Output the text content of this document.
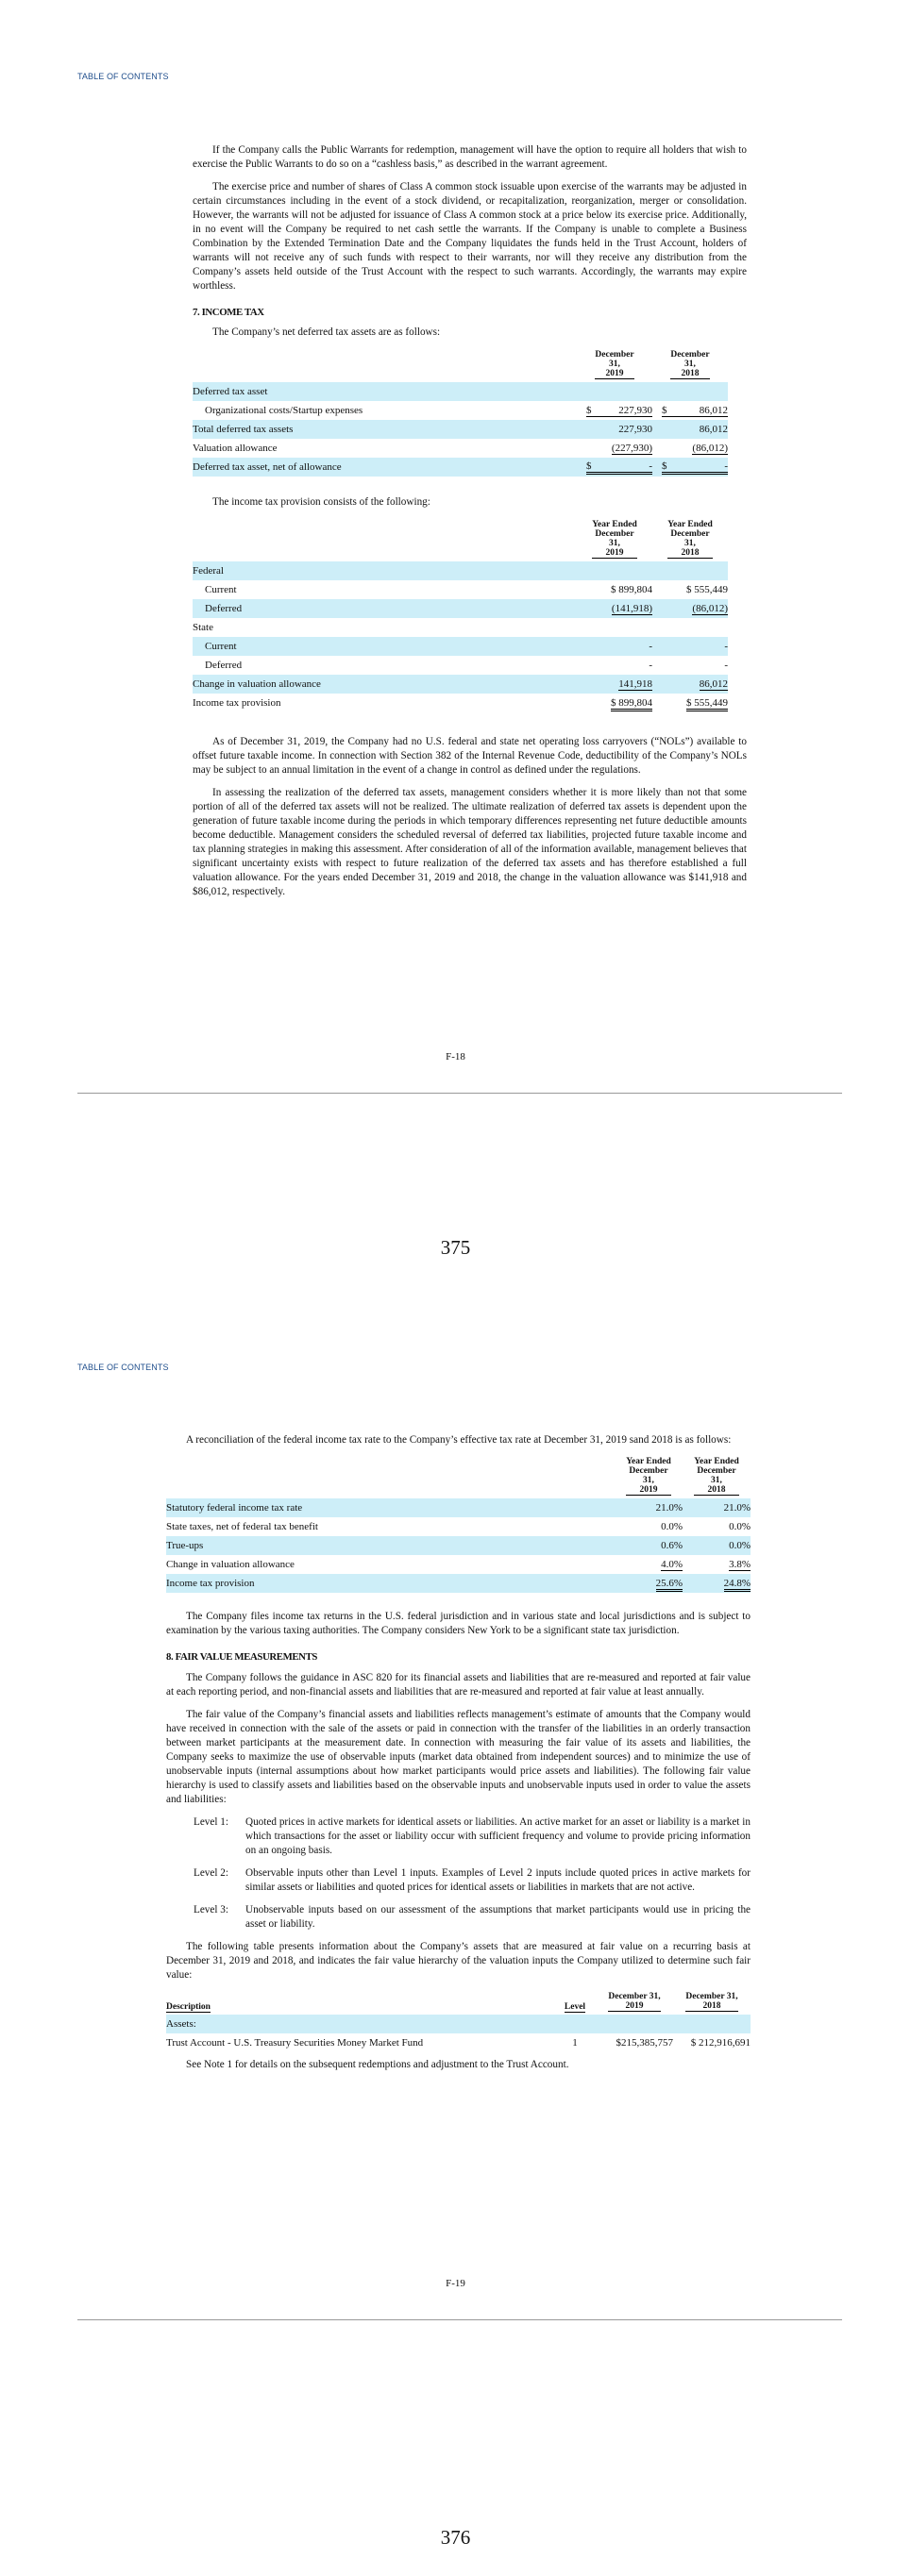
TABLE OF CONTENTS

If the Company calls the Public Warrants for redemption, management will have the option to require all holders that wish to exercise the Public Warrants to do so on a “cashless basis,” as described in the warrant agreement.

The exercise price and number of shares of Class A common stock issuable upon exercise of the warrants may be adjusted in certain circumstances including in the event of a stock dividend, or recapitalization, reorganization, merger or consolidation. However, the warrants will not be adjusted for issuance of Class A common stock at a price below its exercise price. Additionally, in no event will the Company be required to net cash settle the warrants. If the Company is unable to complete a Business Combination by the Extended Termination Date and the Company liquidates the funds held in the Trust Account, holders of warrants will not receive any of such funds with respect to their warrants, nor will they receive any distribution from the Company’s assets held outside of the Trust Account with the respect to such warrants. Accordingly, the warrants may expire worthless.

7. INCOME TAX

The Company’s net deferred tax assets are as follows:

	December
31,
2019	December
31,
2018
Deferred tax asset		
Organizational costs/Startup expenses	$ 227,930	$ 86,012

Total deferred tax assets	227,930	86,012
Valuation allowance	(227,930)	(86,012)
Deferred tax asset, net of allowance	$ -	$ -

The income tax provision consists of the following:

	Year Ended
December
31,
2019	Year Ended
December
31,
2018
Federal		
Current	$ 899,804	$ 555,449
Deferred	(141,918)	(86,012)
State		
Current	-	-
Deferred	-	-
Change in valuation allowance	141,918	86,012
Income tax provision	$ 899,804	$ 555,449

As of December 31, 2019, the Company had no U.S. federal and state net operating loss carryovers (“NOLs”) available to offset future taxable income. In connection with Section 382 of the Internal Revenue Code, deductibility of the Company’s NOLs may be subject to an annual limitation in the event of a change in control as defined under the regulations.

In assessing the realization of the deferred tax assets, management considers whether it is more likely than not that some portion of all of the deferred tax assets will not be realized. The ultimate realization of deferred tax assets is dependent upon the generation of future taxable income during the periods in which temporary differences representing net future deductible amounts become deductible. Management considers the scheduled reversal of deferred tax liabilities, projected future taxable income and tax planning strategies in making this assessment. After consideration of all of the information available, management believes that significant uncertainty exists with respect to future realization of the deferred tax assets and has therefore established a full valuation allowance. For the years ended December 31, 2019 and 2018, the change in the valuation allowance was $141,918 and $86,012, respectively.

F-18
375
TABLE OF CONTENTS

A reconciliation of the federal income tax rate to the Company’s effective tax rate at December 31, 2019 sand 2018 is as follows:

	Year Ended
December
31,
2019	Year Ended
December
31,
2018
Statutory federal income tax rate	21.0%	21.0%
State taxes, net of federal tax benefit	0.0%	0.0%
True-ups	0.6%	0.0%
Change in valuation allowance	4.0%	3.8%
Income tax provision	25.6%	24.8%

The Company files income tax returns in the U.S. federal jurisdiction and in various state and local jurisdictions and is subject to examination by the various taxing authorities. The Company considers New York to be a significant state tax jurisdiction.

8. FAIR VALUE MEASUREMENTS

The Company follows the guidance in ASC 820 for its financial assets and liabilities that are re-measured and reported at fair value at each reporting period, and non-financial assets and liabilities that are re-measured and reported at fair value at least annually.

The fair value of the Company’s financial assets and liabilities reflects management’s estimate of amounts that the Company would have received in connection with the sale of the assets or paid in connection with the transfer of the liabilities in an orderly transaction between market participants at the measurement date. In connection with measuring the fair value of its assets and liabilities, the Company seeks to maximize the use of observable inputs (market data obtained from independent sources) and to minimize the use of unobservable inputs (internal assumptions about how market participants would price assets and liabilities). The following fair value hierarchy is used to classify assets and liabilities based on the observable inputs and unobservable inputs used in order to value the assets and liabilities:

Level 1:	Quoted prices in active markets for identical assets or liabilities. An active market for an asset or liability is a market in which transactions for the asset or liability occur with sufficient frequency and volume to provide pricing information on an ongoing basis.
Level 2:	Observable inputs other than Level 1 inputs. Examples of Level 2 inputs include quoted prices in active markets for similar assets or liabilities and quoted prices for identical assets or liabilities in markets that are not active.
Level 3:	Unobservable inputs based on our assessment of the assumptions that market participants would use in pricing the asset or liability.

The following table presents information about the Company’s assets that are measured at fair value on a recurring basis at December 31, 2019 and 2018, and indicates the fair value hierarchy of the valuation inputs the Company utilized to determine such fair value:

Description	Level	December 31,
2019	December 31,
2018
Assets:			
Trust Account - U.S. Treasury Securities Money Market Fund	1	$215,385,757	$ 212,916,691

See Note 1 for details on the subsequent redemptions and adjustment to the Trust Account.

F-19
376
